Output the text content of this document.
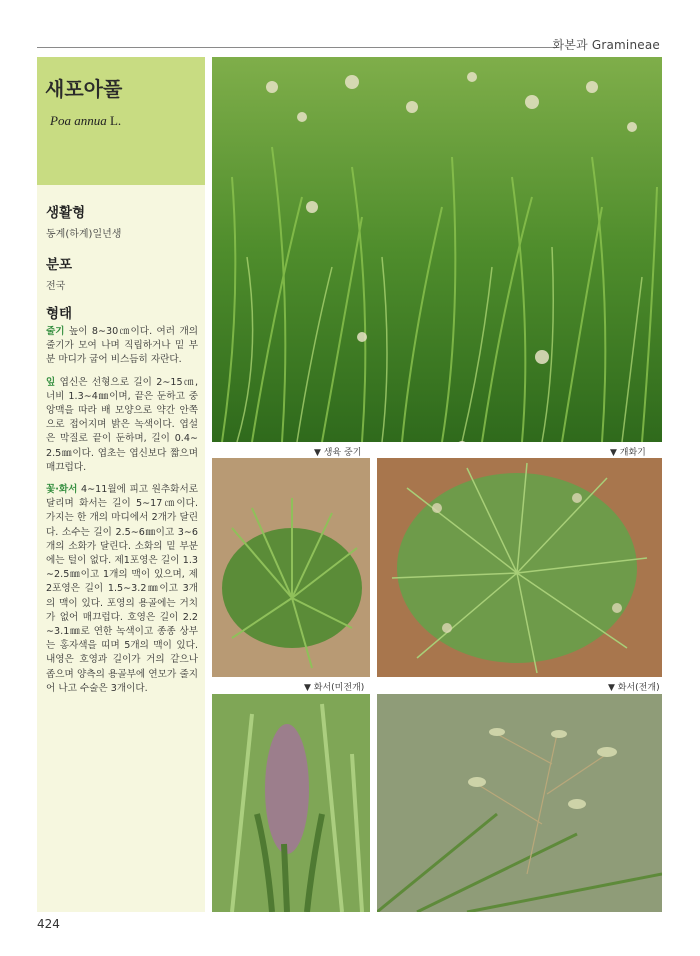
화본과 Gramineae
새포아풀
Poa annua L.
생활형
동계(하계)일년생
분포
전국
형태

줄기 높이 8∼30㎝이다. 여러 개의 줄기가 모여 나며 직립하거나 밑 부분 마디가 굽어 비스듬히 자란다.

잎 엽신은 선형으로 길이 2∼15㎝, 너비 1.3∼4㎜이며, 끝은 둔하고 중앙맥을 따라 배 모양으로 약간 안쪽으로 접어지며 밝은 녹색이다. 엽설은 막질로 끝이 둔하며, 길이 0.4∼2.5㎜이다. 엽초는 엽신보다 짧으며 매끄럽다.

꽃·화서 4∼11월에 피고 원추화서로 달리며 화서는 길이 5∼17㎝이다. 가지는 한 개의 마디에서 2개가 달린다. 소수는 길이 2.5∼6㎜이고 3∼6개의 소화가 달린다. 소화의 밑 부분에는 털이 없다. 제1포영은 길이 1.3∼2.5㎜이고 1개의 맥이 있으며, 제2포영은 길이 1.5∼3.2㎜이고 3개의 맥이 있다. 포영의 용골에는 거치가 없어 매끄럽다. 호영은 길이 2.2∼3.1㎜로 연한 녹색이고 종종 상부는 홍자색을 띠며 5개의 맥이 있다. 내영은 호영과 길이가 거의 같으나 좁으며 양측의 용골부에 연모가 줄지어 나고 수술은 3개이다.

▼ 생육 중기	▼ 개화기
▼ 화서(미전개)	▼ 화서(전개)
424
